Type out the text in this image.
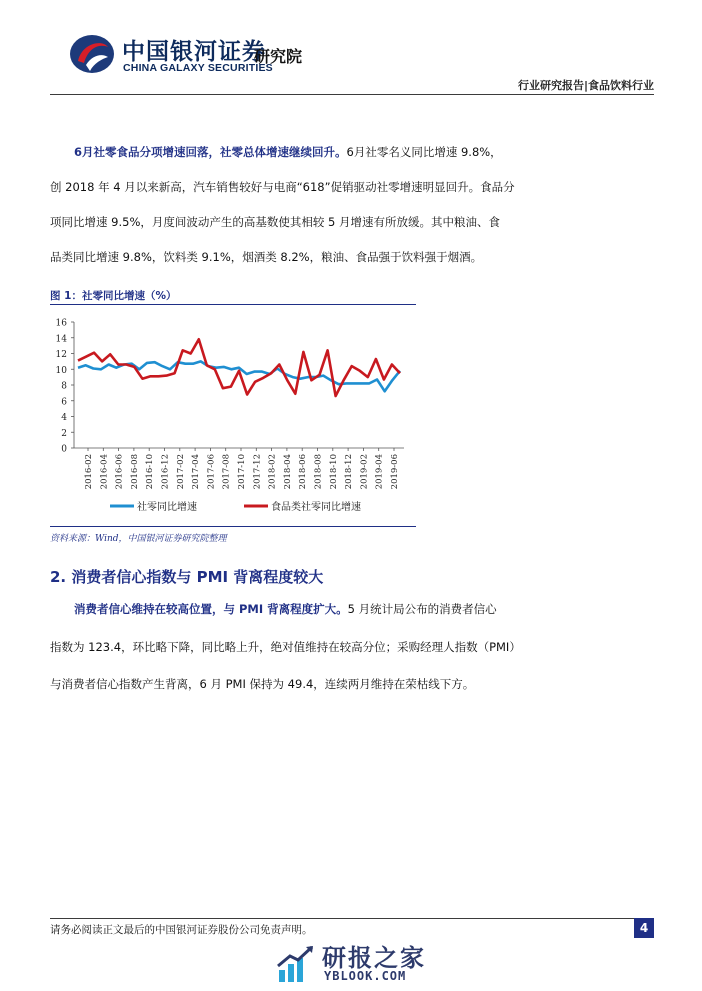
中国银河证券
CHINA GALAXY SECURITIES
研究院
行业研究报告|食品饮料行业
6月社零食品分项增速回落，社零总体增速继续回升。6月社零名义同比增速 9.8%，
创 2018 年 4 月以来新高，汽车销售较好与电商“618”促销驱动社零增速明显回升。食品分
项同比增速 9.5%，月度间波动产生的高基数使其相较 5 月增速有所放缓。其中粮油、食
品类同比增速 9.8%，饮料类 9.1%，烟酒类 8.2%，粮油、食品强于饮料强于烟酒。
图 1：社零同比增速（%）
0
2
4
6
8
10
12
14
16
2016-02 2016-04 2016-06 2016-08 2016-10 2016-12 2017-02 2017-04 2017-06 2017-08 2017-10 2017-12 2018-02 2018-04 2018-06 2018-08 2018-10 2018-12 2019-02 2019-04 2019-06
社零同比增速	食品类社零同比增速
资料来源：Wind，中国银河证券研究院整理
2. 消费者信心指数与 PMI 背离程度较大
消费者信心维持在较高位置，与 PMI 背离程度扩大。5 月统计局公布的消费者信心
指数为 123.4，环比略下降，同比略上升，绝对值维持在较高分位；采购经理人指数（PMI）
与消费者信心指数产生背离，6 月 PMI 保持为 49.4，连续两月维持在荣枯线下方。
请务必阅读正文最后的中国银河证券股份公司免责声明。	4
研报之家
YBLOOK.COM
